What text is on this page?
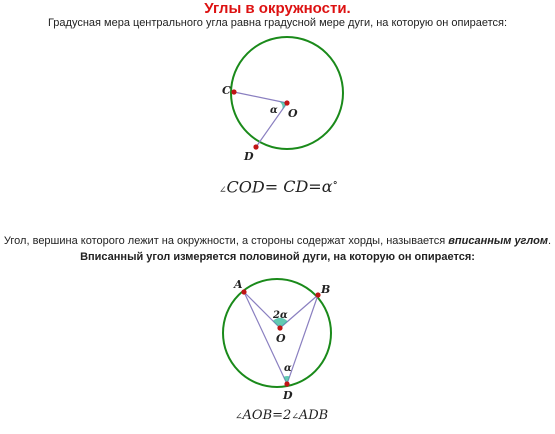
Углы в окружности.
Градусная мера центрального угла равна градусной мере дуги, на которую он опирается:
C
O
D
α
A	B
O
D
2α
α
∠COD= CD=α∘
Угол, вершина которого лежит на окружности, а стороны содержат хорды, называется вписанным углом.
Вписанный угол измеряется половиной дуги, на которую он опирается:
∠AOB=2∠ADB
